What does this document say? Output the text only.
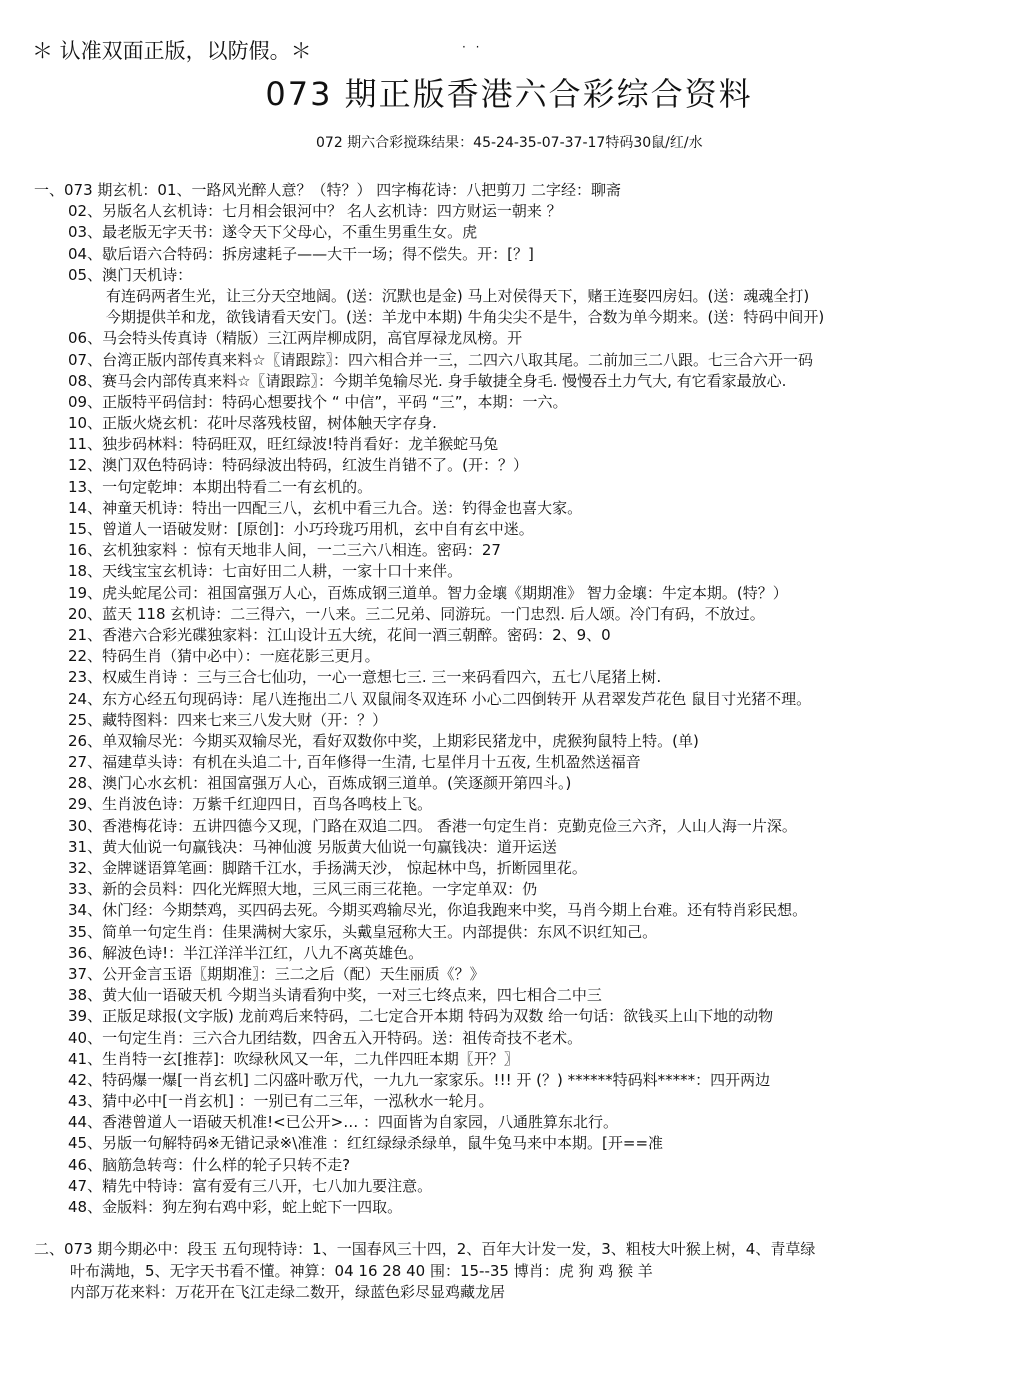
＊ 认准双面正版，以防假。＊	· ·
073 期正版香港六合彩综合资料
072 期六合彩搅珠结果：45-24-35-07-37-17特码30鼠/红/水
一、073 期玄机：01、一路风光醉人意？（特？） 四字梅花诗：八把剪刀 二字经：聊斋
02、另版名人玄机诗：七月相会银河中？ 名人玄机诗：四方财运一朝来 ？
03、最老版无字天书：遂令天下父母心，不重生男重生女。虎
04、歇后语六合特码：拆房逮耗子——大干一场；得不偿失。开：[？]
05、澳门天机诗：
有连码两者生光，让三分天空地阔。(送：沉默也是金) 马上对侯得天下，赌王连娶四房妇。(送：魂魂全打)
今期提供羊和龙，欲钱请看天安门。(送：羊龙中本期) 牛角尖尖不是牛，合数为单今期来。(送：特码中间开)
06、马会特头传真诗（精版）三江两岸柳成阴，高官厚禄龙凤榜。开
07、台湾正版内部传真来料☆〖请跟踪〗：四六相合并一三，二四六八取其尾。二前加三二八跟。七三合六开一码
08、赛马会内部传真来料☆〖请跟踪〗：今期羊兔输尽光. 身手敏捷全身毛. 慢慢吞土力气大, 有它看家最放心.
09、正版特平码信封：特码心想要找个 “ 中信”，平码 “三”，本期：一六。
10、正版火烧玄机：花叶尽落残枝留，树体触天字存身.
11、独步码林料：特码旺双，旺红绿波!特肖看好：龙羊猴蛇马兔
12、澳门双色特码诗：特码绿波出特码，红波生肖错不了。(开：？）
13、一句定乾坤：本期出特看二一有玄机的。
14、神童天机诗：特出一四配三八，玄机中看三九合。送：钓得金也喜大家。
15、曾道人一语破发财：[原创]：小巧玲珑巧用机，玄中自有玄中迷。
16、玄机独家料 ：惊有天地非人间，一二三六八相连。密码：27
18、天线宝宝玄机诗：七亩好田二人耕，一家十口十来伴。
19、虎头蛇尾公司：祖国富强万人心，百炼成钢三道单。智力金壤《期期准》 智力金壤：牛定本期。(特？）
20、蓝天 118 玄机诗：二三得六，一八来。三二兄弟、同游玩。一门忠烈. 后人颂。冷门有码，不放过。
21、香港六合彩光碟独家料：江山设计五大统，花间一酒三朝醉。密码：2、9、0
22、特码生肖（猜中必中）：一庭花影三更月。
23、权威生肖诗 ：三与三合七仙功，一心一意想七三. 三一来码看四六，五七八尾猪上树.
24、东方心经五句现码诗：尾八连拖出二八 双鼠闹冬双连环 小心二四倒转开 从君翠发芦花色 鼠目寸光猪不理。
25、藏特图料：四来七来三八发大财（开：？）
26、单双输尽光：今期买双输尽光，看好双数你中奖，上期彩民猪龙中，虎猴狗鼠特上特。(单)
27、福建草头诗：有机在头追二十, 百年修得一生清, 七星伴月十五夜, 生机盈然送福音
28、澳门心水玄机：祖国富强万人心，百炼成钢三道单。(笑逐颜开第四斗。)
29、生肖波色诗：万紫千红迎四日，百鸟各鸣枝上飞。
30、香港梅花诗：五讲四德今又现，门路在双追二四。 香港一句定生肖：克勤克俭三六齐，人山人海一片深。
31、黄大仙说一句赢钱决：马神仙渡 另版黄大仙说一句赢钱决：道开运送
32、金牌谜语算笔画：脚踏千江水，手扬满天沙， 惊起林中鸟，折断园里花。
33、新的会员料：四化光辉照大地，三风三雨三花艳。一字定单双：仍
34、休门经：今期禁鸡，买四码去死。今期买鸡输尽光，你追我跑来中奖，马肖今期上台难。还有特肖彩民想。
35、简单一句定生肖：佳果满树大家乐，头戴皇冠称大王。内部提供：东风不识红知己。
36、解波色诗!：半江洋洋半江红，八九不离英雄色。
37、公开金言玉语〖期期准〗：三二之后（配）天生丽质《？》
38、黄大仙一语破天机 今期当头请看狗中奖，一对三七终点来，四七相合二中三
39、正版足球报(文字版) 龙前鸡后来特码，二七定合开本期 特码为双数 给一句话：欲钱买上山下地的动物
40、一句定生肖：三六合九团结数，四舍五入开特码。送：祖传奇技不老术。
41、生肖特一玄[推荐]：吹绿秋风又一年，二九伴四旺本期〖开？〗
42、特码爆一爆[一肖玄机] 二闪盛叶歌万代，一九九一家家乐。!!! 开 (？) ******特码料*****：四开两边
43、猜中必中[一肖玄机] ：一别已有二三年，一泓秋水一轮月。
44、香港曾道人一语破天机准!<已公开>… ：四面皆为自家园，八通胜算东北行。
45、另版一句解特码※无错记录※\准准 ：红红绿绿杀绿单，鼠牛兔马来中本期。[开==准
46、脑筋急转弯：什么样的轮子只转不走?
47、精先中特诗：富有爱有三八开，七八加九要注意。
48、金版料：狗左狗右鸡中彩，蛇上蛇下一四取。
二、073 期今期必中：段玉 五句现特诗：1、一国春风三十四，2、百年大计发一发，3、粗枝大叶猴上树，4、青草绿
叶布满地，5、无字天书看不懂。神算：04 16 28 40 围：15--35 博肖：虎 狗 鸡 猴 羊
内部万花来料：万花开在飞江走绿二数开，绿蓝色彩尽显鸡藏龙居
